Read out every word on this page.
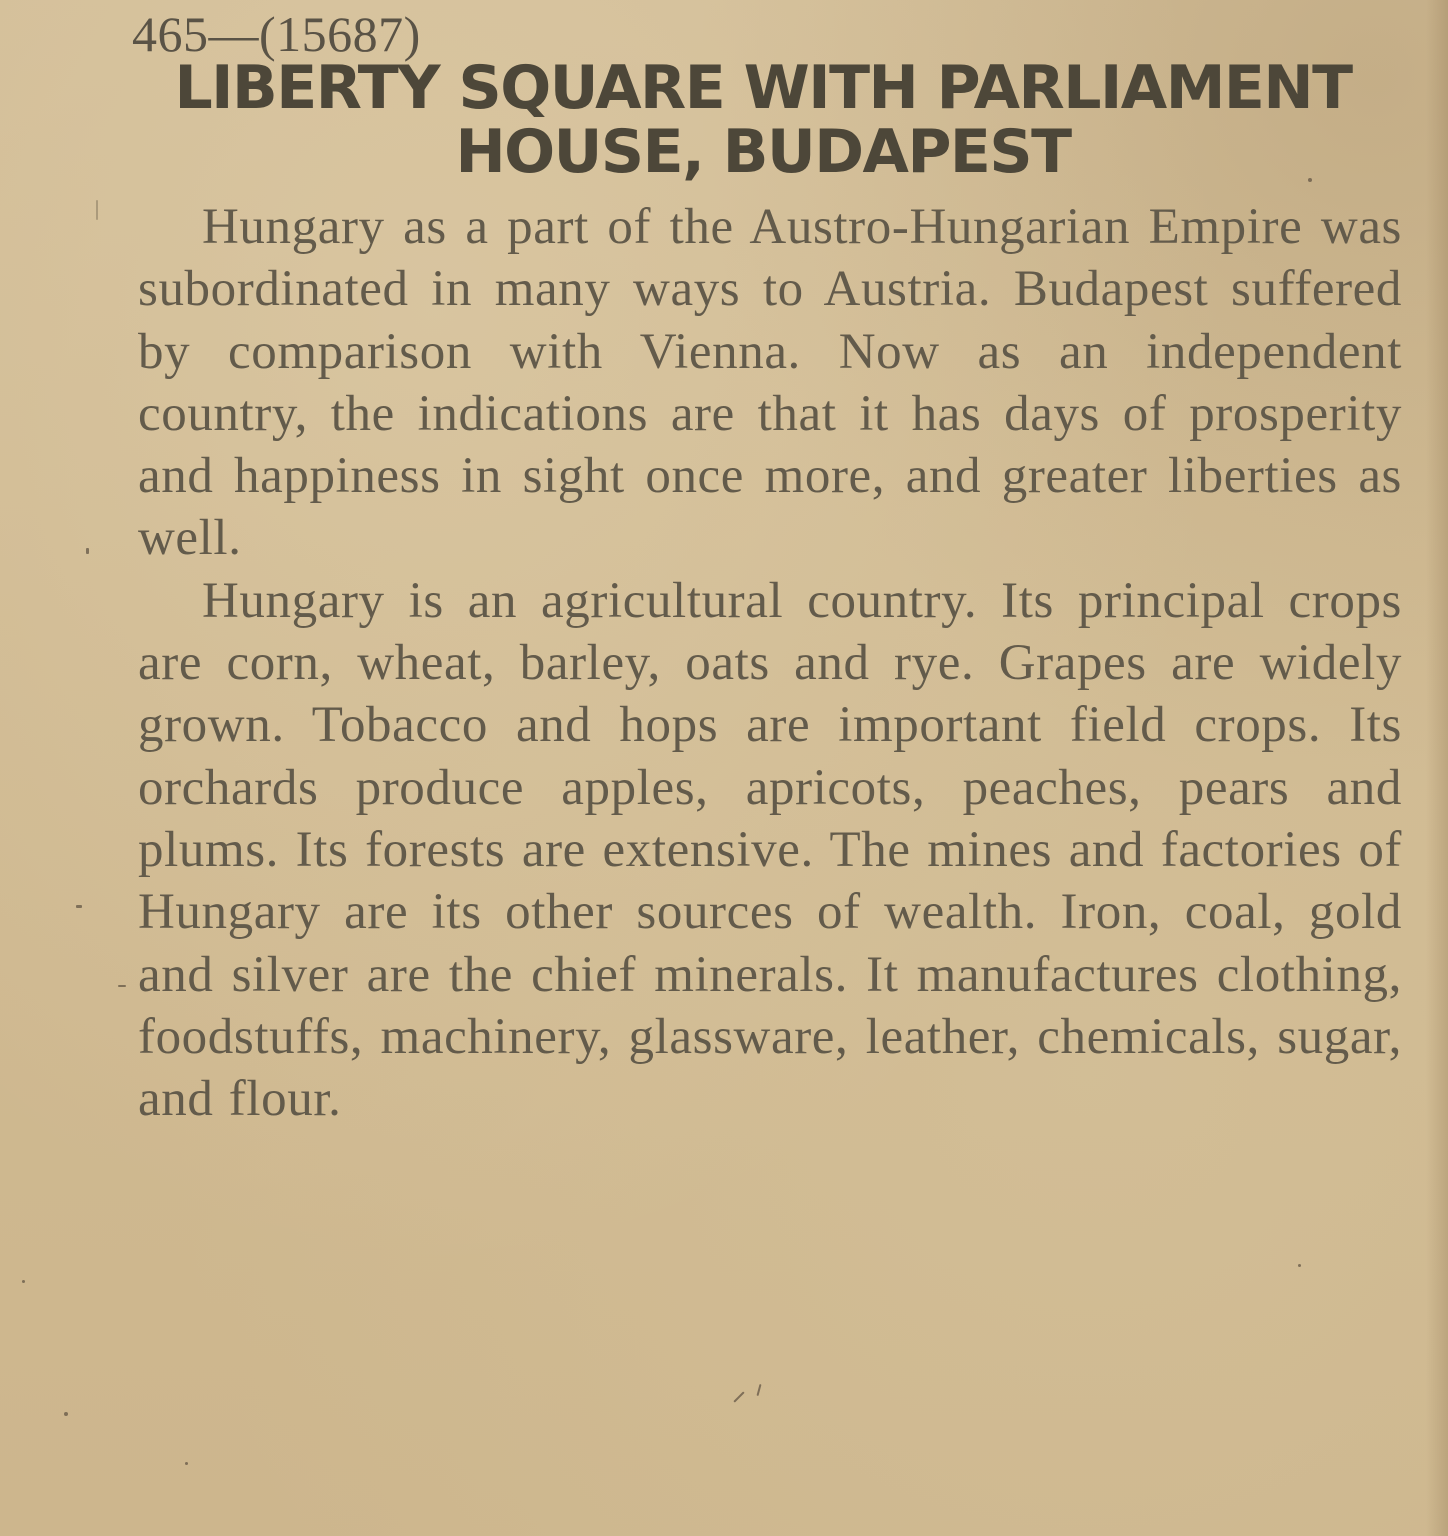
465—(15687)
LIBERTY SQUARE WITH PARLIAMENT
HOUSE, BUDAPEST

Hungary as a part of the Austro-Hungarian Empire was subordinated in many ways to Austria. Budapest suffered by comparison with Vienna. Now as an independent country, the indications are that it has days of prosperity and happiness in sight once more, and greater liberties as well.

Hungary is an agricultural country. Its principal crops are corn, wheat, barley, oats and rye. Grapes are widely grown. Tobacco and hops are important field crops. Its orchards produce apples, apricots, peaches, pears and plums. Its forests are extensive. The mines and factories of Hungary are its other sources of wealth. Iron, coal, gold and silver are the chief minerals. It manufactures clothing, foodstuffs, machinery, glassware, leather, chemicals, sugar, and flour.
